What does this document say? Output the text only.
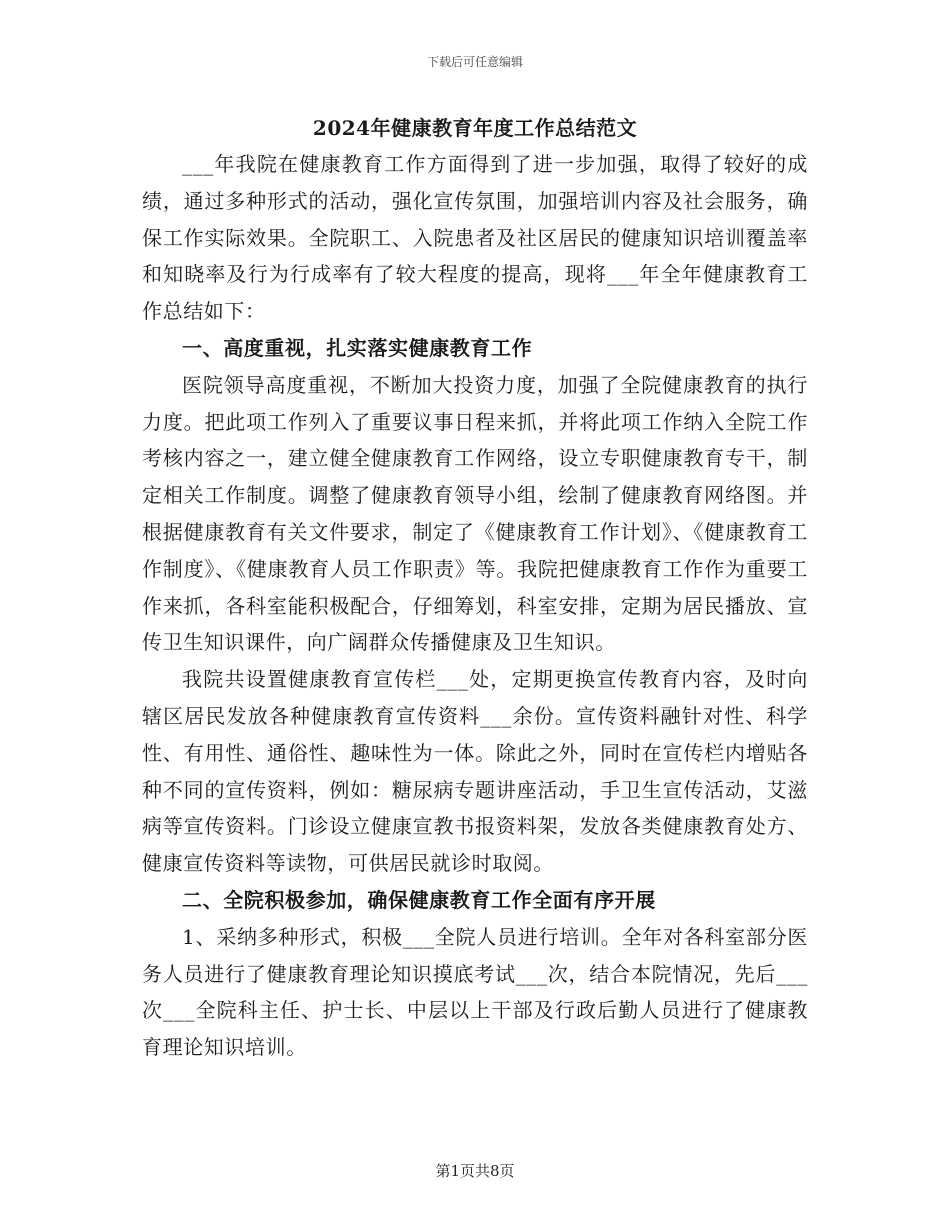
下载后可任意编辑
2024年健康教育年度工作总结范文

___年我院在健康教育工作方面得到了进一步加强，取得了较好的成绩，通过多种形式的活动，强化宣传氛围，加强培训内容及社会服务，确保工作实际效果。全院职工、入院患者及社区居民的健康知识培训覆盖率和知晓率及行为行成率有了较大程度的提高，现将___年全年健康教育工作总结如下：

一、高度重视，扎实落实健康教育工作

医院领导高度重视，不断加大投资力度，加强了全院健康教育的执行力度。把此项工作列入了重要议事日程来抓，并将此项工作纳入全院工作考核内容之一，建立健全健康教育工作网络，设立专职健康教育专干，制定相关工作制度。调整了健康教育领导小组，绘制了健康教育网络图。并根据健康教育有关文件要求，制定了《健康教育工作计划》、《健康教育工作制度》、《健康教育人员工作职责》等。我院把健康教育工作作为重要工作来抓，各科室能积极配合，仔细筹划，科室安排，定期为居民播放、宣传卫生知识课件，向广阔群众传播健康及卫生知识。

我院共设置健康教育宣传栏___处，定期更换宣传教育内容，及时向辖区居民发放各种健康教育宣传资料___余份。宣传资料融针对性、科学性、有用性、通俗性、趣味性为一体。除此之外，同时在宣传栏内增贴各种不同的宣传资料，例如：糖尿病专题讲座活动，手卫生宣传活动，艾滋病等宣传资料。门诊设立健康宣教书报资料架，发放各类健康教育处方、健康宣传资料等读物，可供居民就诊时取阅。

二、全院积极参加，确保健康教育工作全面有序开展

1、采纳多种形式，积极___全院人员进行培训。全年对各科室部分医务人员进行了健康教育理论知识摸底考试___次，结合本院情况，先后___次___全院科主任、护士长、中层以上干部及行政后勤人员进行了健康教育理论知识培训。

第1页共8页
